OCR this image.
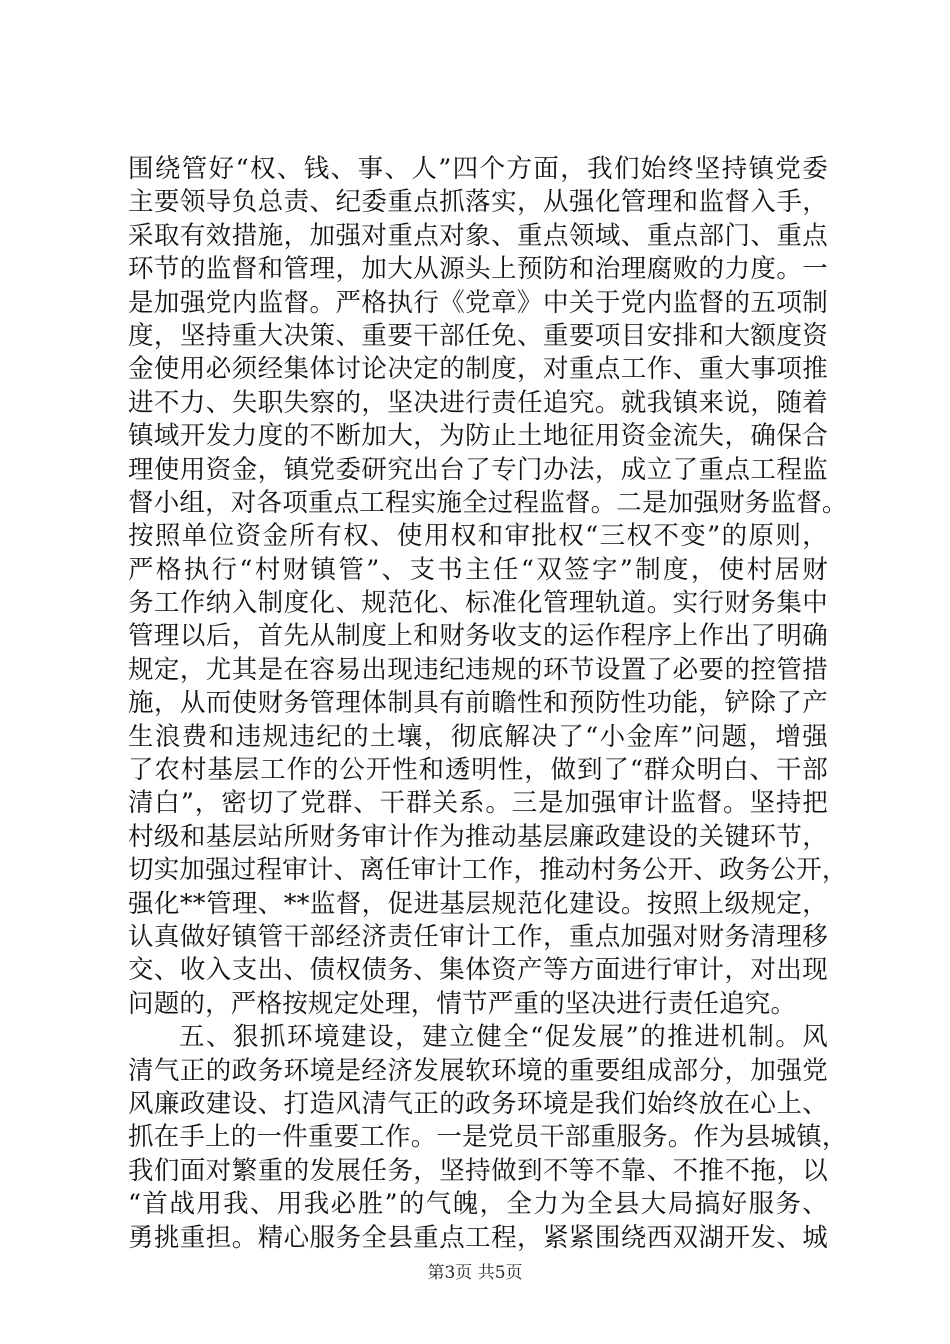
围绕管好“权、钱、事、人”四个方面，我们始终坚持镇党委
主要领导负总责、纪委重点抓落实，从强化管理和监督入手，
采取有效措施，加强对重点对象、重点领域、重点部门、重点
环节的监督和管理，加大从源头上预防和治理腐败的力度。一
是加强党内监督。严格执行《党章》中关于党内监督的五项制
度，坚持重大决策、重要干部任免、重要项目安排和大额度资
金使用必须经集体讨论决定的制度，对重点工作、重大事项推
进不力、失职失察的，坚决进行责任追究。就我镇来说，随着
镇域开发力度的不断加大，为防止土地征用资金流失，确保合
理使用资金，镇党委研究出台了专门办法，成立了重点工程监
督小组，对各项重点工程实施全过程监督。二是加强财务监督。
按照单位资金所有权、使用权和审批权“三权不变”的原则，
严格执行“村财镇管”、支书主任“双签字”制度，使村居财
务工作纳入制度化、规范化、标准化管理轨道。实行财务集中
管理以后，首先从制度上和财务收支的运作程序上作出了明确
规定，尤其是在容易出现违纪违规的环节设置了必要的控管措
施，从而使财务管理体制具有前瞻性和预防性功能，铲除了产
生浪费和违规违纪的土壤，彻底解决了“小金库”问题，增强
了农村基层工作的公开性和透明性，做到了“群众明白、干部
清白”，密切了党群、干群关系。三是加强审计监督。坚持把
村级和基层站所财务审计作为推动基层廉政建设的关键环节，
切实加强过程审计、离任审计工作，推动村务公开、政务公开，
强化**管理、**监督，促进基层规范化建设。按照上级规定，
认真做好镇管干部经济责任审计工作，重点加强对财务清理移
交、收入支出、债权债务、集体资产等方面进行审计，对出现
问题的，严格按规定处理，情节严重的坚决进行责任追究。
五、狠抓环境建设，建立健全“促发展”的推进机制。风
清气正的政务环境是经济发展软环境的重要组成部分，加强党
风廉政建设、打造风清气正的政务环境是我们始终放在心上、
抓在手上的一件重要工作。一是党员干部重服务。作为县城镇，
我们面对繁重的发展任务，坚持做到不等不靠、不推不拖，以
“首战用我、用我必胜”的气魄，全力为全县大局搞好服务、
勇挑重担。精心服务全县重点工程，紧紧围绕西双湖开发、城
第3页 共5页
